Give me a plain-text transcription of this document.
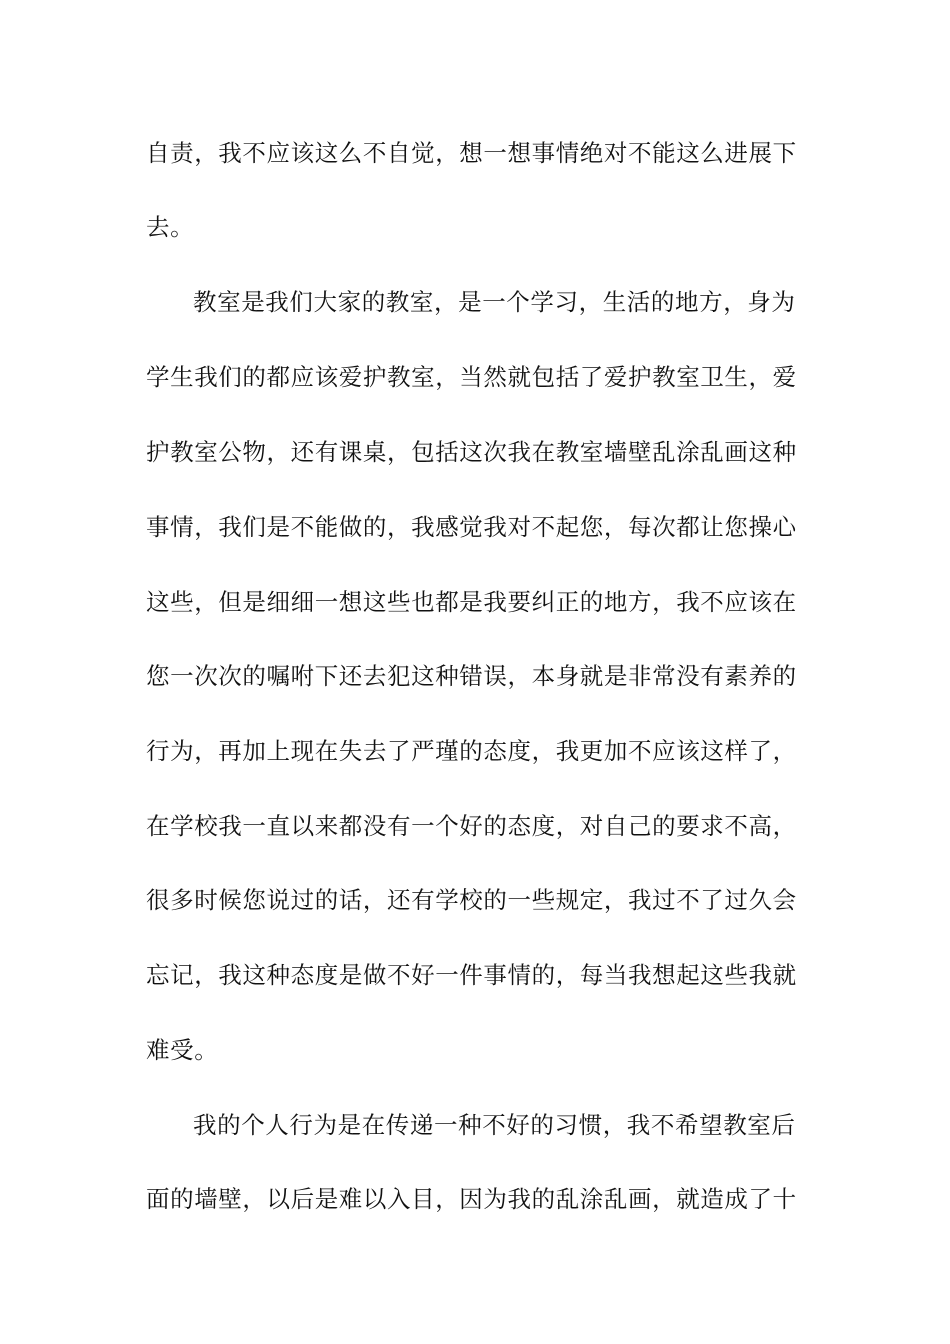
自责，我不应该这么不自觉，想一想事情绝对不能这么进展下

去。

教室是我们大家的教室，是一个学习，生活的地方，身为

学生我们的都应该爱护教室，当然就包括了爱护教室卫生，爱

护教室公物，还有课桌，包括这次我在教室墙壁乱涂乱画这种

事情，我们是不能做的，我感觉我对不起您，每次都让您操心

这些，但是细细一想这些也都是我要纠正的地方，我不应该在

您一次次的嘱咐下还去犯这种错误，本身就是非常没有素养的

行为，再加上现在失去了严瑾的态度，我更加不应该这样了，

在学校我一直以来都没有一个好的态度，对自己的要求不高，

很多时候您说过的话，还有学校的一些规定，我过不了过久会

忘记，我这种态度是做不好一件事情的，每当我想起这些我就

难受。

我的个人行为是在传递一种不好的习惯，我不希望教室后

面的墙壁，以后是难以入目，因为我的乱涂乱画，就造成了十
